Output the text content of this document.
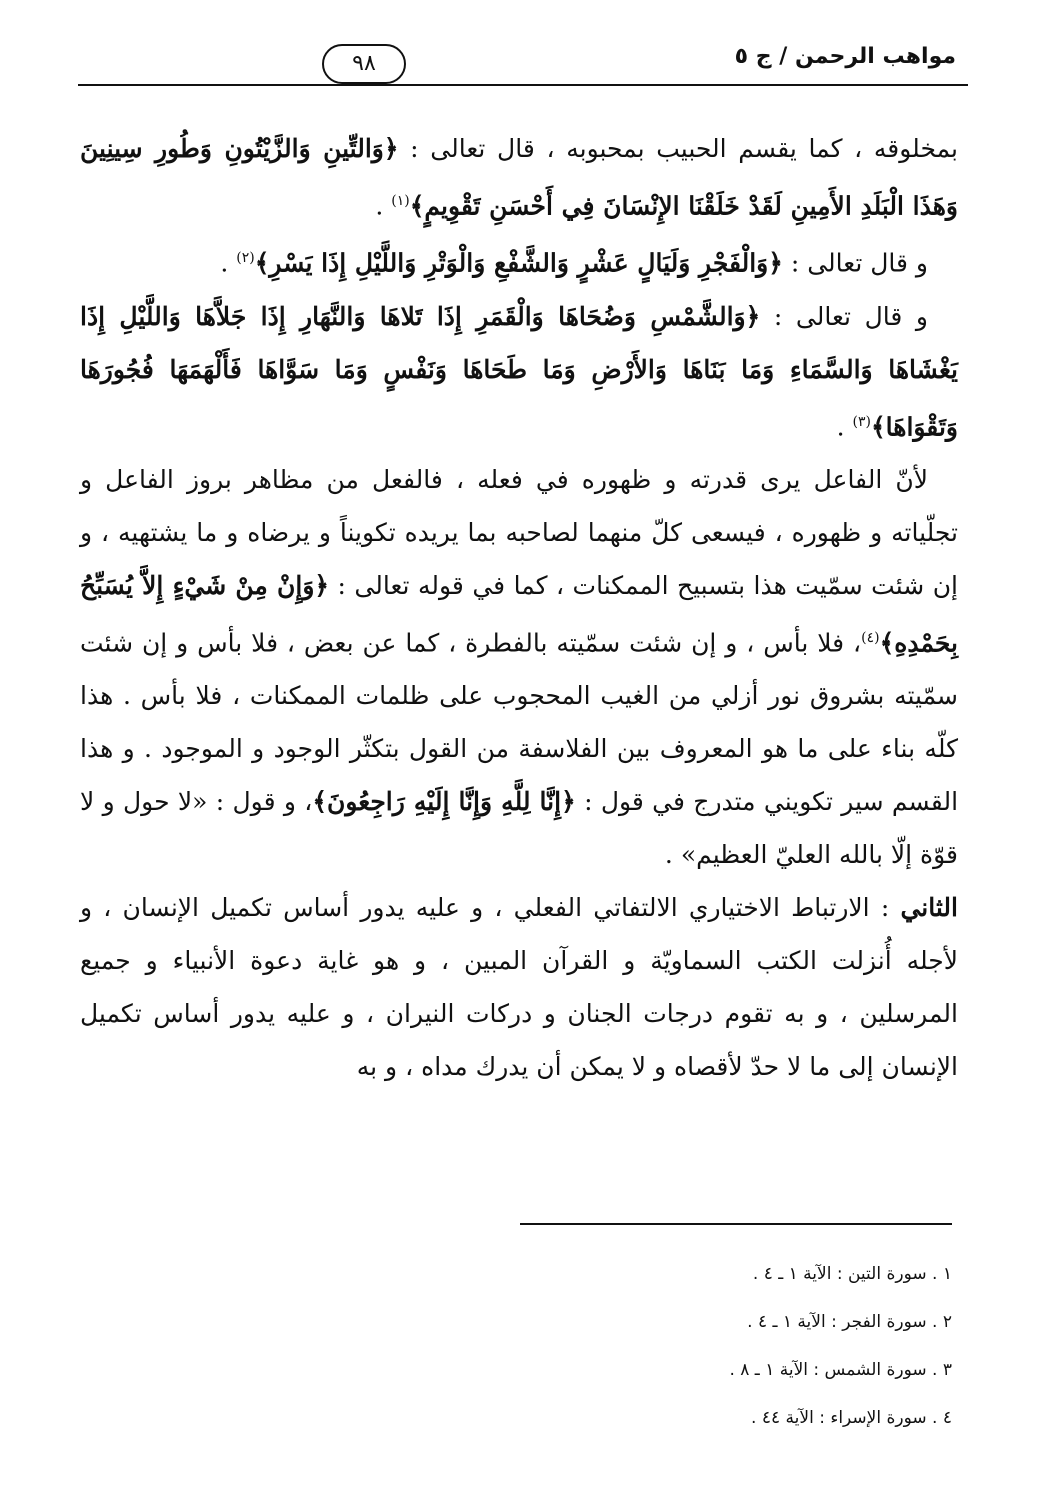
مواهب الرحمن / ج ٥
٩٨

بمخلوقه ، كما يقسم الحبيب بمحبوبه ، قال تعالى : ﴿وَالتِّينِ وَالزَّيْتُونِ وَطُورِ سِينِينَ وَهَذَا الْبَلَدِ الأَمِينِ لَقَدْ خَلَقْنَا الإِنْسَانَ فِي أَحْسَنِ تَقْوِيمٍ﴾$^{(١)}$ .

و قال تعالى : ﴿وَالْفَجْرِ وَلَيَالٍ عَشْرٍ وَالشَّفْعِ وَالْوَتْرِ وَاللَّيْلِ إِذَا يَسْرِ﴾$^{(٢)}$ .

و قال تعالى : ﴿وَالشَّمْسِ وَضُحَاهَا وَالْقَمَرِ إِذَا تَلاهَا وَالنَّهَارِ إِذَا جَلاَّهَا وَاللَّيْلِ إِذَا يَغْشَاهَا وَالسَّمَاءِ وَمَا بَنَاهَا وَالأَرْضِ وَمَا طَحَاهَا وَنَفْسٍ وَمَا سَوَّاهَا فَأَلْهَمَهَا فُجُورَهَا وَتَقْوَاهَا﴾$^{(٣)}$ .

لأنّ الفاعل يرى قدرته و ظهوره في فعله ، فالفعل من مظاهر بروز الفاعل و تجلّياته و ظهوره ، فيسعى كلّ منهما لصاحبه بما يريده تكويناً و يرضاه و ما يشتهيه ، و إن شئت سمّيت هذا بتسبيح الممكنات ، كما في قوله تعالى : ﴿وَإِنْ مِنْ شَيْءٍ إِلاَّ يُسَبِّحُ بِحَمْدِهِ﴾$^{(٤)}$، فلا بأس ، و إن شئت سمّيته بالفطرة ، كما عن بعض ، فلا بأس و إن شئت سمّيته بشروق نور أزلي من الغيب المحجوب على ظلمات الممكنات ، فلا بأس . هذا كلّه بناء على ما هو المعروف بين الفلاسفة من القول بتكثّر الوجود و الموجود . و هذا القسم سير تكويني متدرج في قول : ﴿إِنَّا لِلَّهِ وَإِنَّا إِلَيْهِ رَاجِعُونَ﴾، و قول : «لا حول و لا قوّة إلّا بالله العليّ العظيم» .

الثاني : الارتباط الاختياري الالتفاتي الفعلي ، و عليه يدور أساس تكميل الإنسان ، و لأجله أُنزلت الكتب السماويّة و القرآن المبين ، و هو غاية دعوة الأنبياء و جميع المرسلين ، و به تقوم درجات الجنان و دركات النيران ، و عليه يدور أساس تكميل الإنسان إلى ما لا حدّ لأقصاه و لا يمكن أن يدرك مداه ، و به

١ . سورة التين : الآية ١ ـ ٤ .
٢ . سورة الفجر : الآية ١ ـ ٤ .
٣ . سورة الشمس : الآية ١ ـ ٨ .
٤ . سورة الإسراء : الآية ٤٤ .
